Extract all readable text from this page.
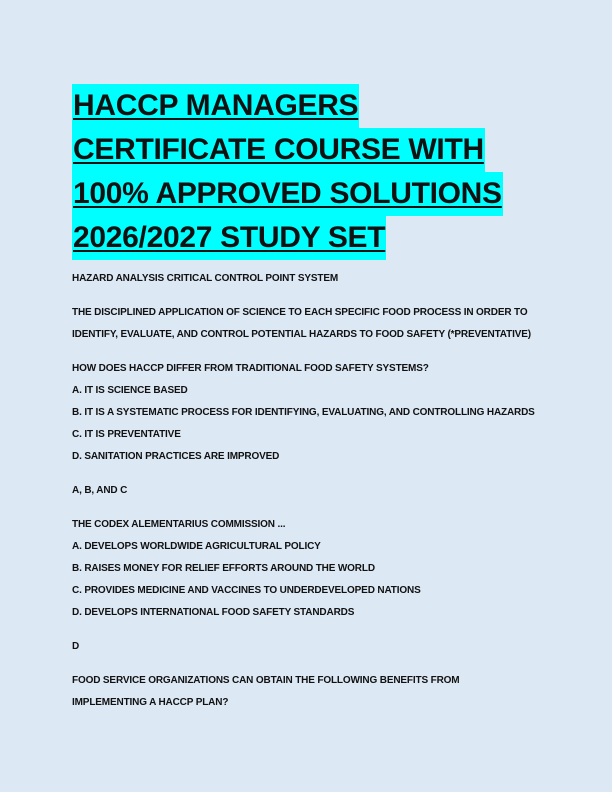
HACCP MANAGERS
CERTIFICATE COURSE WITH
100% APPROVED SOLUTIONS
2026/2027 STUDY SET
HAZARD ANALYSIS CRITICAL CONTROL POINT SYSTEM
THE DISCIPLINED APPLICATION OF SCIENCE TO EACH SPECIFIC FOOD PROCESS IN ORDER TO
IDENTIFY, EVALUATE, AND CONTROL POTENTIAL HAZARDS TO FOOD SAFETY (*PREVENTATIVE)
HOW DOES HACCP DIFFER FROM TRADITIONAL FOOD SAFETY SYSTEMS?
A. IT IS SCIENCE BASED
B. IT IS A SYSTEMATIC PROCESS FOR IDENTIFYING, EVALUATING, AND CONTROLLING HAZARDS
C. IT IS PREVENTATIVE
D. SANITATION PRACTICES ARE IMPROVED
A, B, AND C
THE CODEX ALEMENTARIUS COMMISSION ...
A. DEVELOPS WORLDWIDE AGRICULTURAL POLICY
B. RAISES MONEY FOR RELIEF EFFORTS AROUND THE WORLD
C. PROVIDES MEDICINE AND VACCINES TO UNDERDEVELOPED NATIONS
D. DEVELOPS INTERNATIONAL FOOD SAFETY STANDARDS
D
FOOD SERVICE ORGANIZATIONS CAN OBTAIN THE FOLLOWING BENEFITS FROM
IMPLEMENTING A HACCP PLAN?
